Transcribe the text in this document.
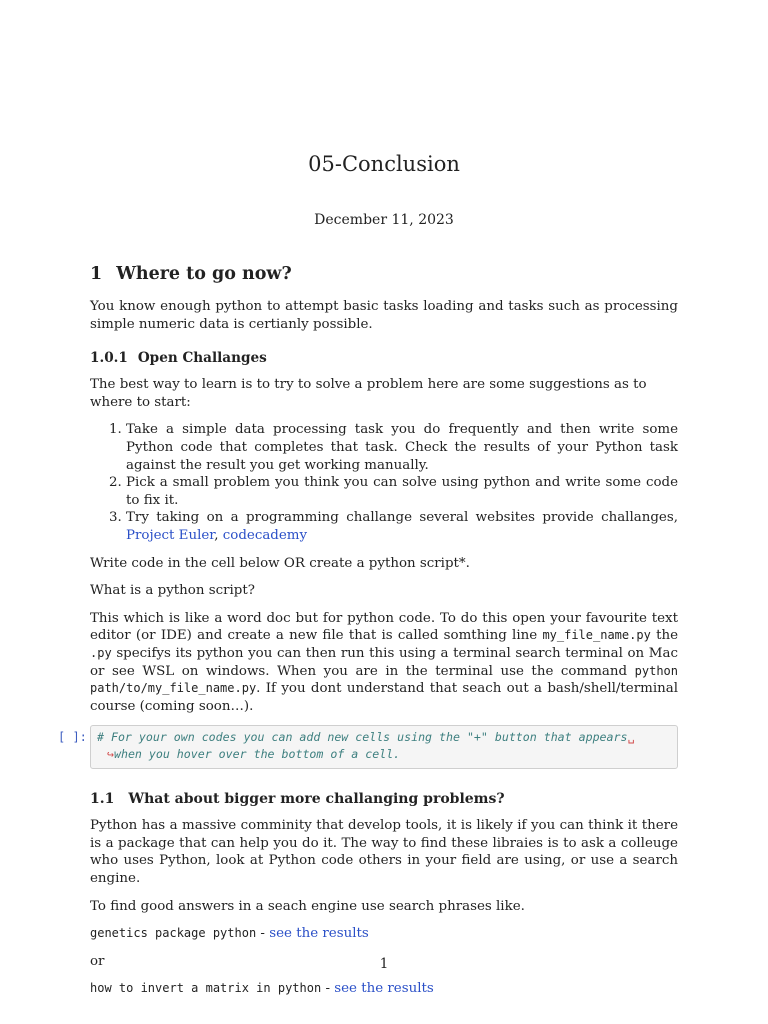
05-Conclusion
December 11, 2023
1 Where to go now?

You know enough python to attempt basic tasks loading and tasks such as processing simple numeric data is certianly possible.

1.0.1 Open Challanges

The best way to learn is to try to solve a problem here are some suggestions as to where to start:

1. Take a simple data processing task you do frequently and then write some Python code that completes that task. Check the results of your Python task against the result you get working manually.
2. Pick a small problem you think you can solve using python and write some code to fix it.
3. Try taking on a programming challange several websites provide challanges, Project Euler, codecademy

Write code in the cell below OR create a python script*.

What is a python script?

This which is like a word doc but for python code. To do this open your favourite text editor (or IDE) and create a new file that is called somthing line my_file_name.py the .py specifys its python you can then run this using a terminal search terminal on Mac or see WSL on windows. When you are in the terminal use the command python path/to/my_file_name.py. If you dont understand that seach out a bash/shell/terminal course (coming soon…).

[ ]: # For your own codes you can add new cells using the "+" button that appears␣
↪when you hover over the bottom of a cell.
1.1 What about bigger more challanging problems?

Python has a massive comminity that develop tools, it is likely if you can think it there is a package that can help you do it. The way to find these libraies is to ask a colleuge who uses Python, look at Python code others in your field are using, or use a search engine.

To find good answers in a seach engine use search phrases like.

genetics package python - see the results

or

how to invert a matrix in python - see the results

1
